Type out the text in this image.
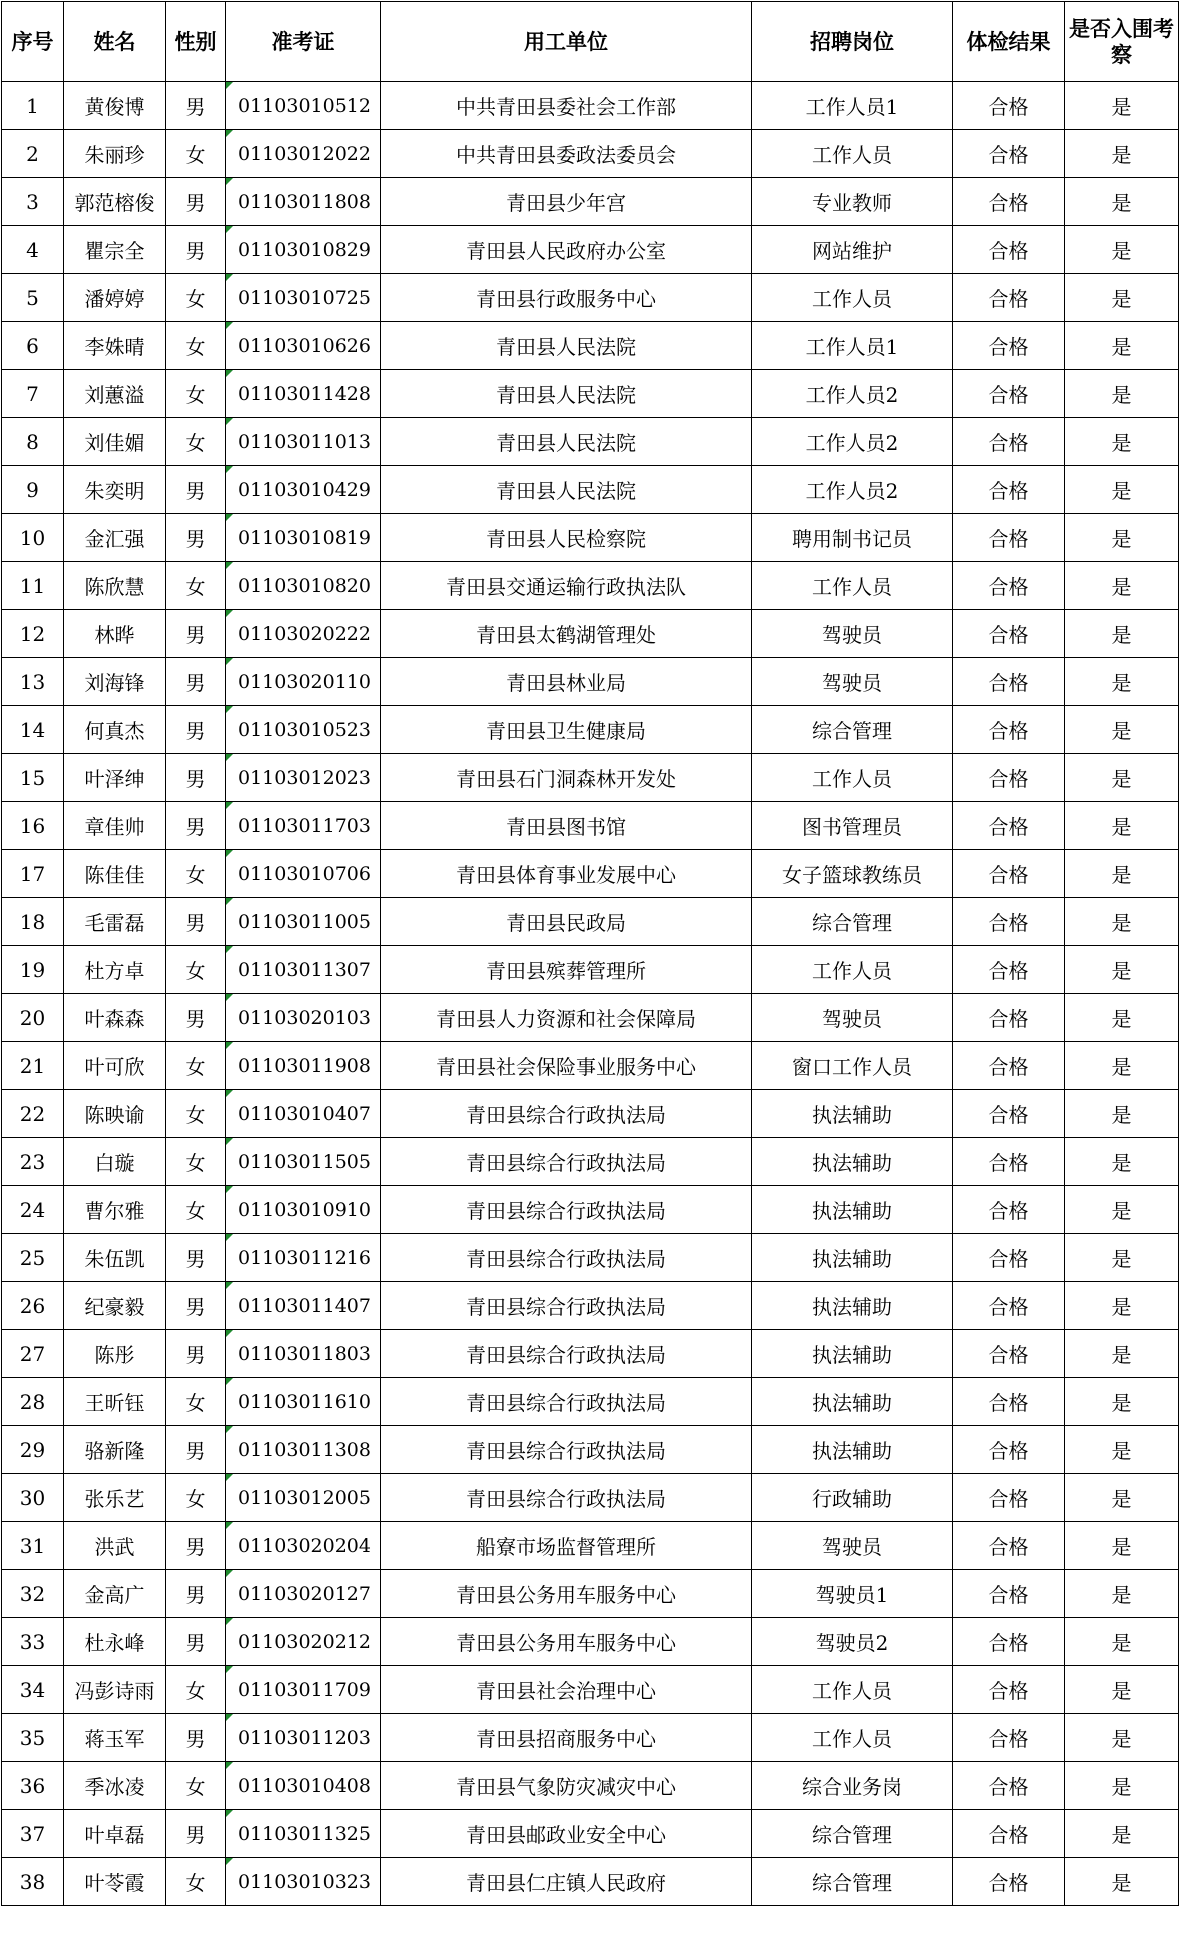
序号	姓名	性别	准考证	用工单位	招聘岗位	体检结果	是否入围考察
1	黄俊博	男	01103010512	中共青田县委社会工作部	工作人员1	合格	是
2	朱丽珍	女	01103012022	中共青田县委政法委员会	工作人员	合格	是
3	郭范榕俊	男	01103011808	青田县少年宫	专业教师	合格	是
4	瞿宗全	男	01103010829	青田县人民政府办公室	网站维护	合格	是
5	潘婷婷	女	01103010725	青田县行政服务中心	工作人员	合格	是
6	李姝晴	女	01103010626	青田县人民法院	工作人员1	合格	是
7	刘蕙溢	女	01103011428	青田县人民法院	工作人员2	合格	是
8	刘佳媚	女	01103011013	青田县人民法院	工作人员2	合格	是
9	朱奕明	男	01103010429	青田县人民法院	工作人员2	合格	是
10	金汇强	男	01103010819	青田县人民检察院	聘用制书记员	合格	是
11	陈欣慧	女	01103010820	青田县交通运输行政执法队	工作人员	合格	是
12	林晔	男	01103020222	青田县太鹤湖管理处	驾驶员	合格	是
13	刘海锋	男	01103020110	青田县林业局	驾驶员	合格	是
14	何真杰	男	01103010523	青田县卫生健康局	综合管理	合格	是
15	叶泽绅	男	01103012023	青田县石门洞森林开发处	工作人员	合格	是
16	章佳帅	男	01103011703	青田县图书馆	图书管理员	合格	是
17	陈佳佳	女	01103010706	青田县体育事业发展中心	女子篮球教练员	合格	是
18	毛雷磊	男	01103011005	青田县民政局	综合管理	合格	是
19	杜方卓	女	01103011307	青田县殡葬管理所	工作人员	合格	是
20	叶森森	男	01103020103	青田县人力资源和社会保障局	驾驶员	合格	是
21	叶可欣	女	01103011908	青田县社会保险事业服务中心	窗口工作人员	合格	是
22	陈映谕	女	01103010407	青田县综合行政执法局	执法辅助	合格	是
23	白璇	女	01103011505	青田县综合行政执法局	执法辅助	合格	是
24	曹尔雅	女	01103010910	青田县综合行政执法局	执法辅助	合格	是
25	朱伍凯	男	01103011216	青田县综合行政执法局	执法辅助	合格	是
26	纪豪毅	男	01103011407	青田县综合行政执法局	执法辅助	合格	是
27	陈彤	男	01103011803	青田县综合行政执法局	执法辅助	合格	是
28	王昕钰	女	01103011610	青田县综合行政执法局	执法辅助	合格	是
29	骆新隆	男	01103011308	青田县综合行政执法局	执法辅助	合格	是
30	张乐艺	女	01103012005	青田县综合行政执法局	行政辅助	合格	是
31	洪武	男	01103020204	船寮市场监督管理所	驾驶员	合格	是
32	金高广	男	01103020127	青田县公务用车服务中心	驾驶员1	合格	是
33	杜永峰	男	01103020212	青田县公务用车服务中心	驾驶员2	合格	是
34	冯彭诗雨	女	01103011709	青田县社会治理中心	工作人员	合格	是
35	蒋玉军	男	01103011203	青田县招商服务中心	工作人员	合格	是
36	季冰凌	女	01103010408	青田县气象防灾减灾中心	综合业务岗	合格	是
37	叶卓磊	男	01103011325	青田县邮政业安全中心	综合管理	合格	是
38	叶苓霞	女	01103010323	青田县仁庄镇人民政府	综合管理	合格	是
